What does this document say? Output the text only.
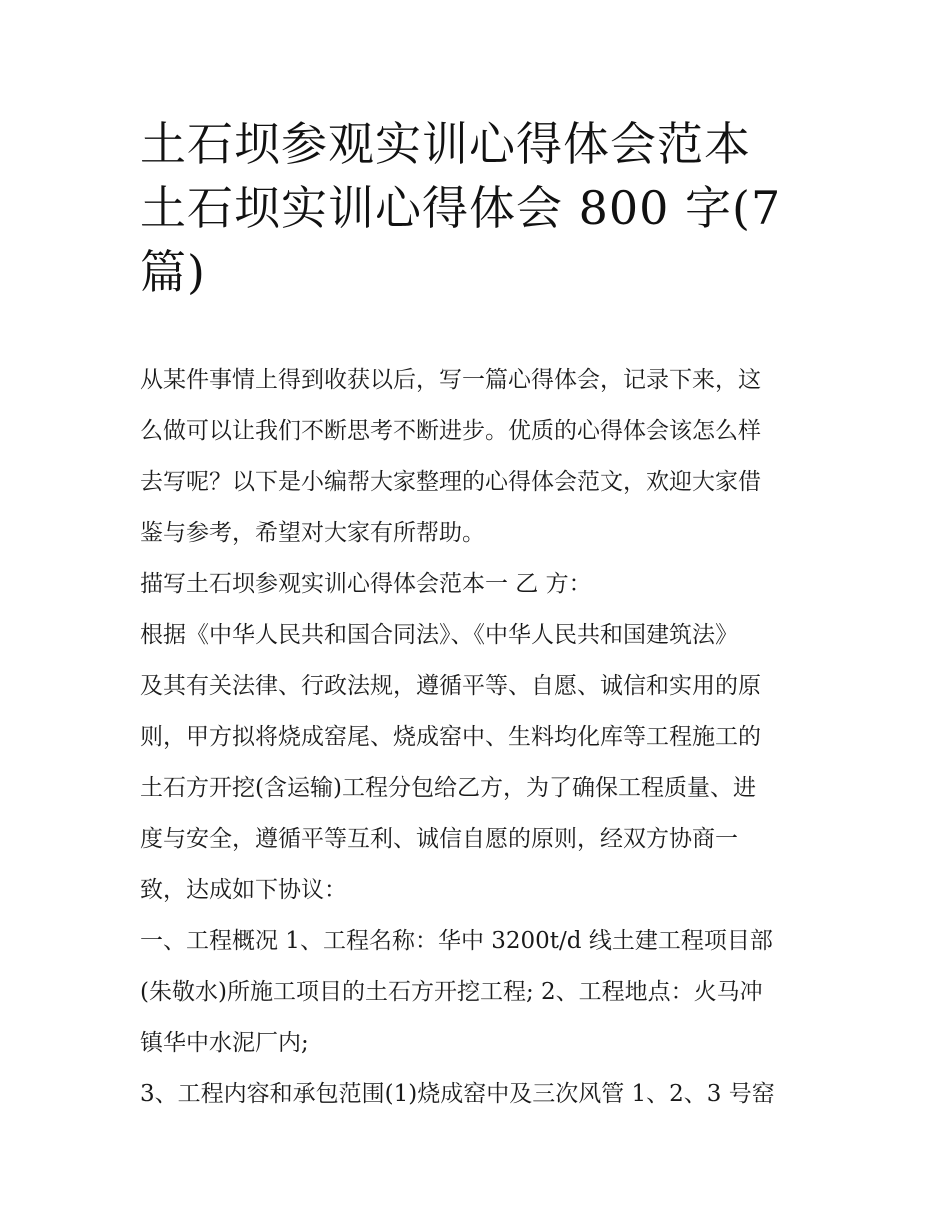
土石坝参观实训心得体会范本
土石坝实训心得体会 800 字(7
篇)

从某件事情上得到收获以后，写一篇心得体会，记录下来，这
么做可以让我们不断思考不断进步。优质的心得体会该怎么样
去写呢？以下是小编帮大家整理的心得体会范文，欢迎大家借
鉴与参考，希望对大家有所帮助。

描写土石坝参观实训心得体会范本一 乙 方：

根据《中华人民共和国合同法》、《中华人民共和国建筑法》
及其有关法律、行政法规，遵循平等、自愿、诚信和实用的原
则，甲方拟将烧成窑尾、烧成窑中、生料均化库等工程施工的
土石方开挖(含运输)工程分包给乙方，为了确保工程质量、进
度与安全，遵循平等互利、诚信自愿的原则，经双方协商一
致，达成如下协议：

一、工程概况 1、工程名称：华中 3200t/d 线土建工程项目部
(朱敬水)所施工项目的土石方开挖工程; 2、工程地点：火马冲
镇华中水泥厂内;

3、工程内容和承包范围(1)烧成窑中及三次风管 1、2、3 号窑
